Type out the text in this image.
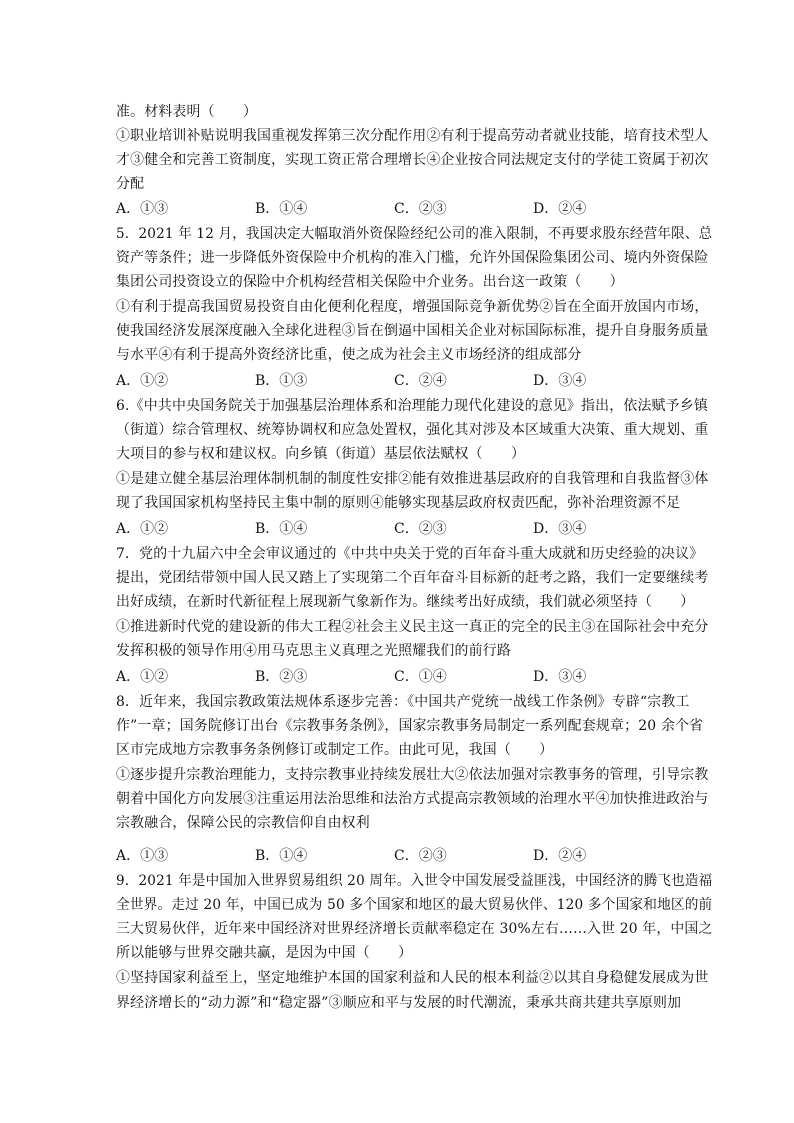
准。材料表明（　　）
①职业培训补贴说明我国重视发挥第三次分配作用②有利于提高劳动者就业技能，培育技术型人
才③健全和完善工资制度，实现工资正常合理增长④企业按合同法规定支付的学徒工资属于初次
分配
A．①③	B．①④	C．②③	D．②④
5．2021 年 12 月，我国决定大幅取消外资保险经纪公司的准入限制，不再要求股东经营年限、总
资产等条件；进一步降低外资保险中介机构的准入门槛，允许外国保险集团公司、境内外资保险
集团公司投资设立的保险中介机构经营相关保险中介业务。出台这一政策（　　）
①有利于提高我国贸易投资自由化便利化程度，增强国际竞争新优势②旨在全面开放国内市场，
使我国经济发展深度融入全球化进程③旨在倒逼中国相关企业对标国际标准，提升自身服务质量
与水平④有利于提高外资经济比重，使之成为社会主义市场经济的组成部分
A．①②	B．①③	C．②④	D．③④
6.《中共中央国务院关于加强基层治理体系和治理能力现代化建设的意见》指出，依法赋予乡镇
（街道）综合管理权、统筹协调权和应急处置权，强化其对涉及本区域重大决策、重大规划、重
大项目的参与权和建议权。向乡镇（街道）基层依法赋权（　　）
①是建立健全基层治理体制机制的制度性安排②能有效推进基层政府的自我管理和自我监督③体
现了我国国家机构坚持民主集中制的原则④能够实现基层政府权责匹配，弥补治理资源不足
A．①②	B．①④	C．②③	D．③④
7．党的十九届六中全会审议通过的《中共中央关于党的百年奋斗重大成就和历史经验的决议》
提出，党团结带领中国人民又踏上了实现第二个百年奋斗目标新的赶考之路，我们一定要继续考
出好成绩，在新时代新征程上展现新气象新作为。继续考出好成绩，我们就必须坚持（　　）
①推进新时代党的建设新的伟大工程②社会主义民主这一真正的完全的民主③在国际社会中充分
发挥积极的领导作用④用马克思主义真理之光照耀我们的前行路
A．①②	B．②③	C．①④	D．③④
8．近年来，我国宗教政策法规体系逐步完善：《中国共产党统一战线工作条例》专辟“宗教工
作”一章；国务院修订出台《宗教事务条例》，国家宗教事务局制定一系列配套规章；20 余个省
区市完成地方宗教事务条例修订或制定工作。由此可见，我国（　　）
①逐步提升宗教治理能力，支持宗教事业持续发展壮大②依法加强对宗教事务的管理，引导宗教
朝着中国化方向发展③注重运用法治思维和法治方式提高宗教领域的治理水平④加快推进政治与
宗教融合，保障公民的宗教信仰自由权利
A．①③	B．①④	C．②③	D．②④
9．2021 年是中国加入世界贸易组织 20 周年。入世令中国发展受益匪浅，中国经济的腾飞也造福
全世界。走过 20 年，中国已成为 50 多个国家和地区的最大贸易伙伴、120 多个国家和地区的前
三大贸易伙伴，近年来中国经济对世界经济增长贡献率稳定在 30%左右……入世 20 年，中国之
所以能够与世界交融共赢，是因为中国（　　）
①坚持国家利益至上，坚定地维护本国的国家利益和人民的根本利益②以其自身稳健发展成为世
界经济增长的“动力源”和“稳定器”③顺应和平与发展的时代潮流，秉承共商共建共享原则加
